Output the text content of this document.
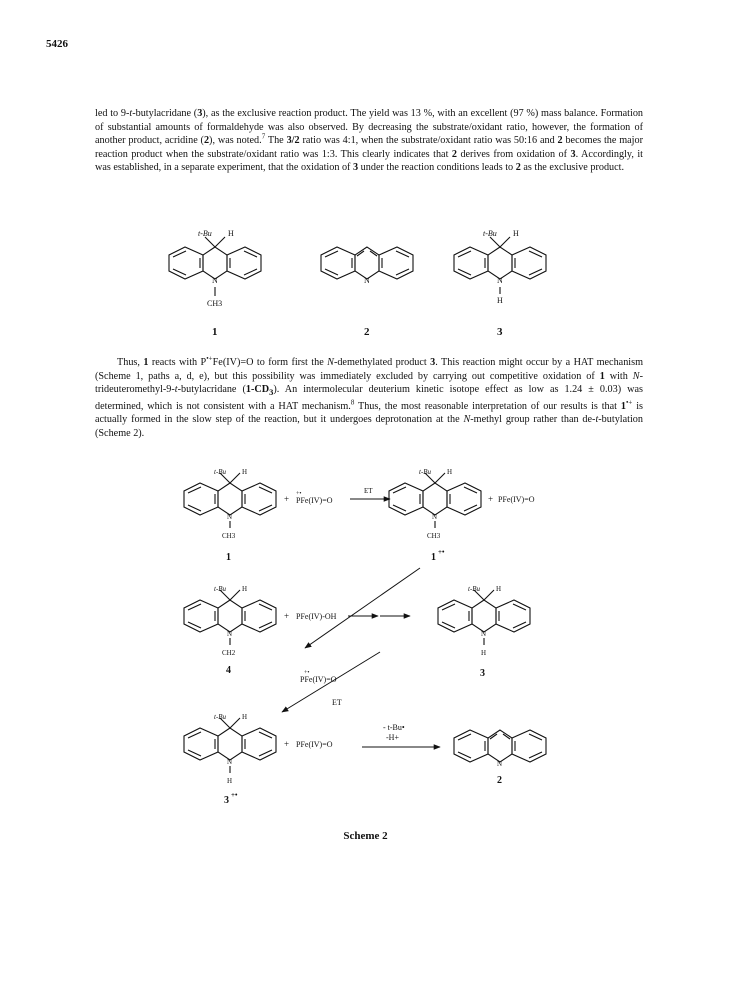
5426

led to 9-t-butylacridane (3), as the exclusive reaction product. The yield was 13 %, with an excellent (97 %) mass balance. Formation of substantial amounts of formaldehyde was also observed. By decreasing the substrate/oxidant ratio, however, the formation of another product, acridine (2), was noted.$^7$ The 3/2 ratio was 4:1, when the substrate/oxidant ratio was 50:16 and 2 becomes the major reaction product when the substrate/oxidant ratio was 1:3. This clearly indicates that 2 derives from oxidation of 3. Accordingly, it was established, in a separate experiment, that the oxidation of 3 under the reaction conditions leads to 2 as the exclusive product.

Thus, 1 reacts with P•+Fe(IV)=O to form first the N-demethylated product 3. This reaction might occur by a HAT mechanism (Scheme 1, paths a, d, e), but this possibility was immediately excluded by carrying out competitive oxidation of 1 with N-trideuteromethyl-9-t-butylacridane $(1-CD_3)$. An intermolecular deuterium kinetic isotope effect as low as 1.24 ± 0.03) was determined, which is not consistent with a HAT mechanism.$^8$ Thus, the most reasonable interpretation of our results is that 1•+ is actually formed in the slow step of the reaction, but it undergoes deprotonation at the N-methyl group rather than de-t-butylation (Scheme 2).

t-Bu H
N
CH3
1
N
2
t-Bu H
N
H
3
t-Bu H
N
CH3
1
+ +•
PFe(IV)=O
ET
t-Bu H
N
CH3
1 +•
+ PFe(IV)=O
t-Bu H
N
CH2
4
+ PFe(IV)-OH
t-Bu H
N
H
3
+•
PFe(IV)=O
ET
t-Bu H
N
H
3 +•
+ PFe(IV)=O
- t-Bu•
-H+
N
2
Scheme 2
